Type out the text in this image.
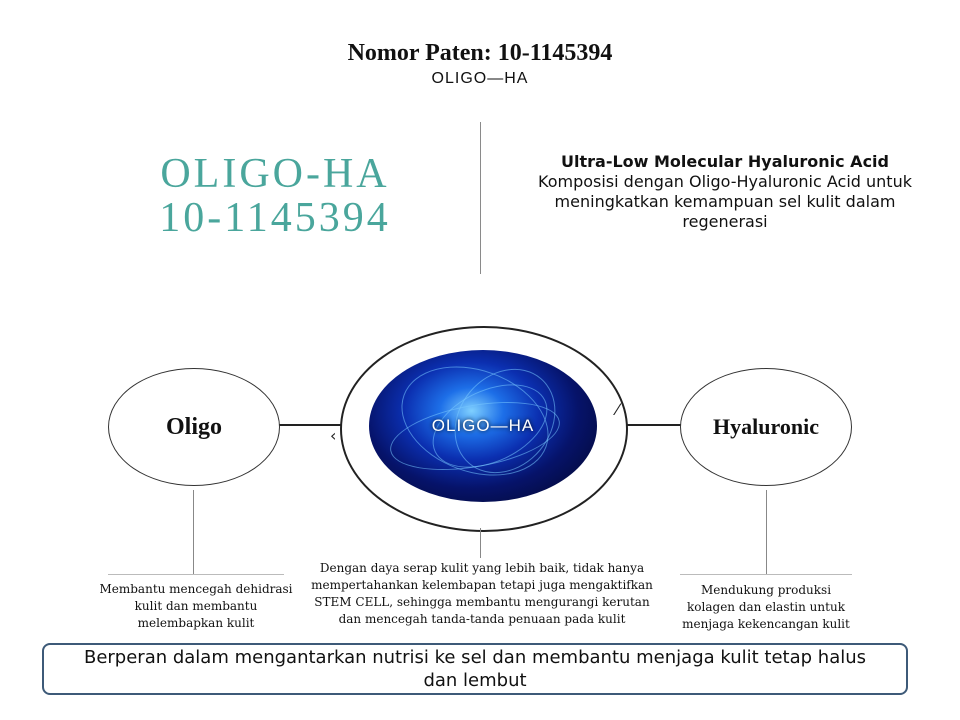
Nomor Paten: 10-1145394
OLIGO—HA
OLIGO-HA
10-1145394
Ultra-Low Molecular Hyaluronic Acid
Komposisi dengan Oligo-Hyaluronic Acid untuk meningkatkan kemampuan sel kulit dalam regenerasi
Oligo	Hyaluronic
OLIGO—HA
‹
⁄
Membantu mencegah dehidrasi kulit dan membantu melembapkan kulit
Dengan daya serap kulit yang lebih baik, tidak hanya mempertahankan kelembapan tetapi juga mengaktifkan STEM CELL, sehingga membantu mengurangi kerutan dan mencegah tanda-tanda penuaan pada kulit
Mendukung produksi kolagen dan elastin untuk menjaga kekencangan kulit
Berperan dalam mengantarkan nutrisi ke sel dan membantu menjaga kulit tetap halus dan lembut
